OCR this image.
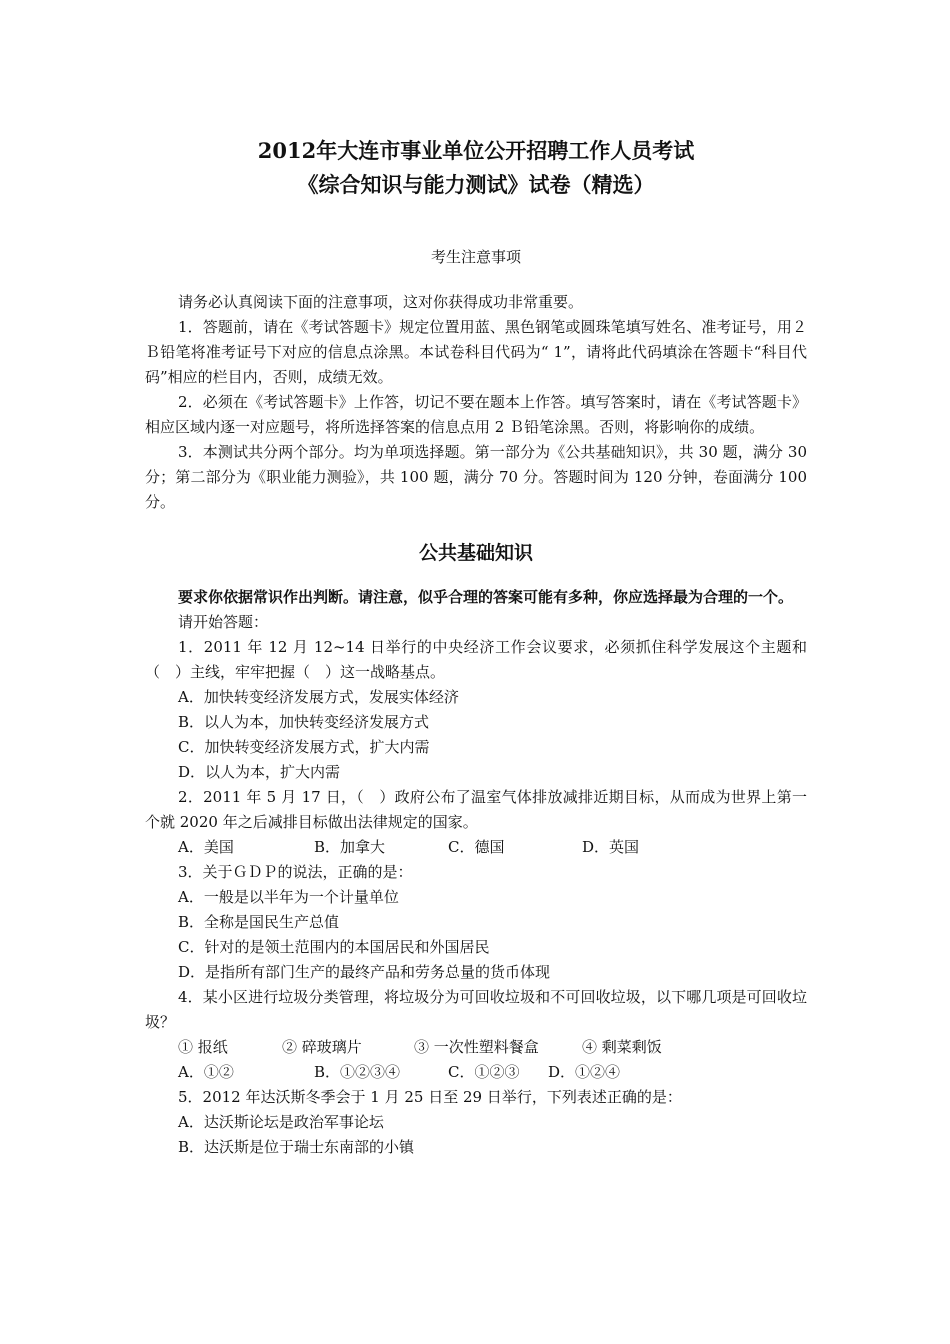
2012年大连市事业单位公开招聘工作人员考试
《综合知识与能力测试》试卷（精选）
考生注意事项
请务必认真阅读下面的注意事项，这对你获得成功非常重要。
1．答题前，请在《考试答题卡》规定位置用蓝、黑色钢笔或圆珠笔填写姓名、准考证号，用２Ｂ铅笔将准考证号下对应的信息点涂黑。本试卷科目代码为“ 1”，请将此代码填涂在答题卡“科目代码”相应的栏目内，否则，成绩无效。
2．必须在《考试答题卡》上作答，切记不要在题本上作答。填写答案时，请在《考试答题卡》相应区域内逐一对应题号，将所选择答案的信息点用 2 Ｂ铅笔涂黑。否则，将影响你的成绩。
3．本测试共分两个部分。均为单项选择题。第一部分为《公共基础知识》，共 30 题，满分 30 分；第二部分为《职业能力测验》，共 100 题，满分 70 分。答题时间为 120 分钟，卷面满分 100 分。
公共基础知识
要求你依据常识作出判断。请注意，似乎合理的答案可能有多种，你应选择最为合理的一个。
请开始答题：
1．2011 年 12 月 12~14 日举行的中央经济工作会议要求，必须抓住科学发展这个主题和（　）主线，牢牢把握（　）这一战略基点。
A．加快转变经济发展方式，发展实体经济
B．以人为本，加快转变经济发展方式
C．加快转变经济发展方式，扩大内需
D．以人为本，扩大内需
2．2011 年 5 月 17 日，（　）政府公布了温室气体排放减排近期目标，从而成为世界上第一个就 2020 年之后减排目标做出法律规定的国家。
A．美国	B．加拿大	C．德国	D．英国
3．关于ＧＤＰ的说法，正确的是：
A．一般是以半年为一个计量单位
B．全称是国民生产总值
C．针对的是领土范围内的本国居民和外国居民
D．是指所有部门生产的最终产品和劳务总量的货币体现
4．某小区进行垃圾分类管理，将垃圾分为可回收垃圾和不可回收垃圾，以下哪几项是可回收垃圾？
① 报纸	② 碎玻璃片	③ 一次性塑料餐盒	④ 剩菜剩饭
A．①②	B．①②③④	C．①②③ D．①②④
5．2012 年达沃斯冬季会于 1 月 25 日至 29 日举行，下列表述正确的是：
A．达沃斯论坛是政治军事论坛
B．达沃斯是位于瑞士东南部的小镇
